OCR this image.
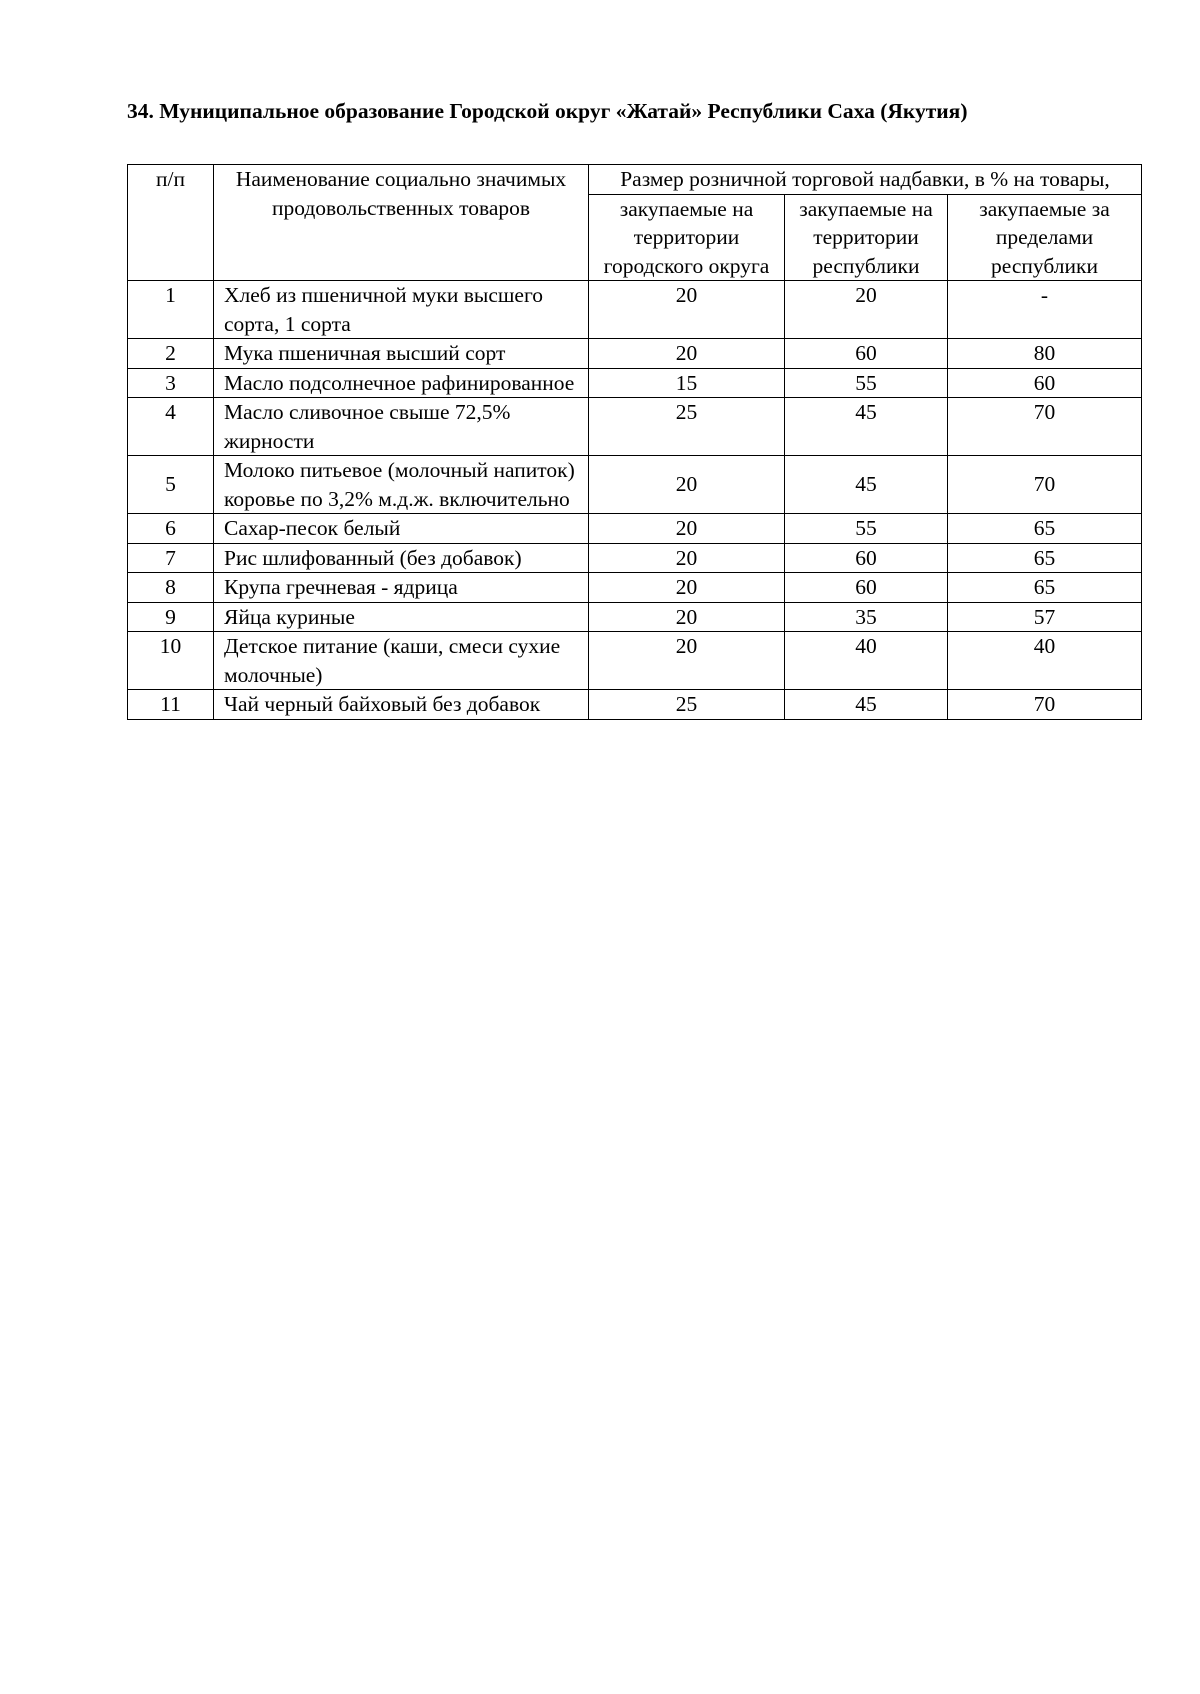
34. Муниципальное образование Городской округ «Жатай» Республики Саха (Якутия)
п/п	Наименование социально значимых продовольственных товаров	Размер розничной торговой надбавки, в % на товары,		
		закупаемые на территории городского округа	закупаемые на территории республики	закупаемые за пределами республики
1	Хлеб из пшеничной муки высшего сорта, 1 сорта	20	20	-
2	Мука пшеничная высший сорт	20	60	80
3	Масло подсолнечное рафинированное	15	55	60
4	Масло сливочное свыше 72,5% жирности	25	45	70
5	Молоко питьевое (молочный напиток) коровье по 3,2% м.д.ж. включительно	20	45	70
6	Сахар-песок белый	20	55	65
7	Рис шлифованный (без добавок)	20	60	65
8	Крупа гречневая - ядрица	20	60	65
9	Яйца куриные	20	35	57
10	Детское питание (каши, смеси сухие молочные)	20	40	40
11	Чай черный байховый без добавок	25	45	70
